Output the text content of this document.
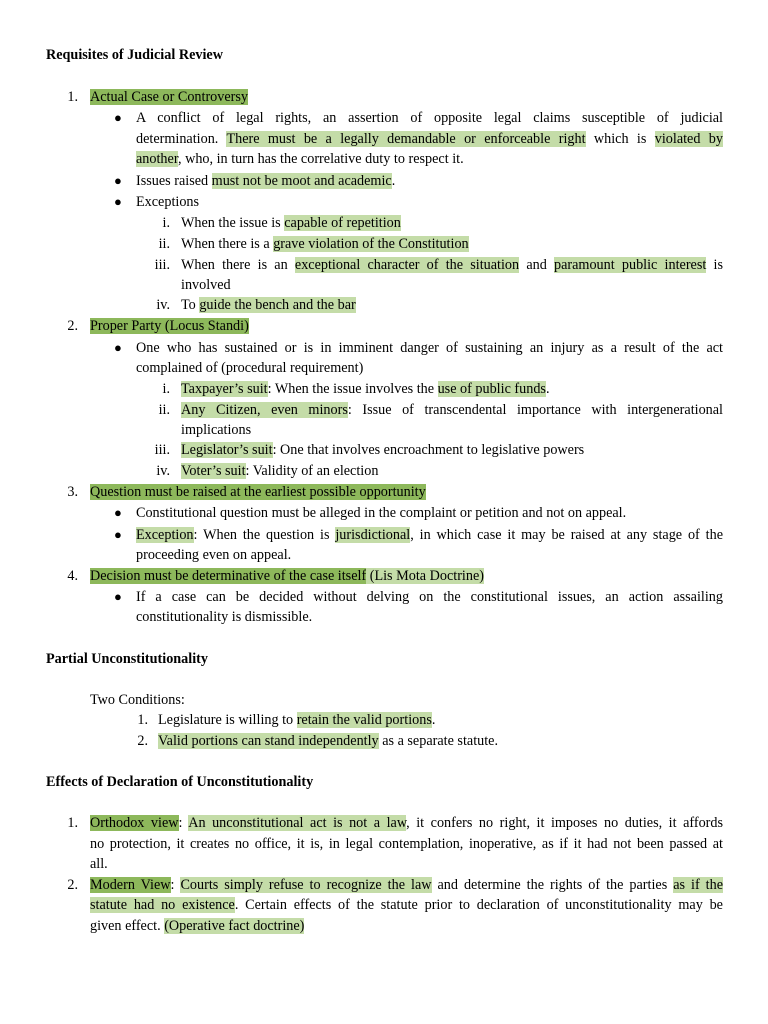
Requisites of Judicial Review
1. Actual Case or Controversy
● A conflict of legal rights, an assertion of opposite legal claims susceptible of judicial
determination. There must be a legally demandable or enforceable right which is violated by
another, who, in turn has the correlative duty to respect it.
● Issues raised must not be moot and academic.
● Exceptions
i. When the issue is capable of repetition
ii. When there is a grave violation of the Constitution
iii. When there is an exceptional character of the situation and paramount public interest is
involved
iv. To guide the bench and the bar
2. Proper Party (Locus Standi)
● One who has sustained or is in imminent danger of sustaining an injury as a result of the act
complained of (procedural requirement)
i. Taxpayer’s suit: When the issue involves the use of public funds.
ii. Any Citizen, even minors: Issue of transcendental importance with intergenerational
implications
iii. Legislator’s suit: One that involves encroachment to legislative powers
iv. Voter’s suit: Validity of an election
3. Question must be raised at the earliest possible opportunity
● Constitutional question must be alleged in the complaint or petition and not on appeal.
● Exception: When the question is jurisdictional, in which case it may be raised at any stage of the
proceeding even on appeal.
4. Decision must be determinative of the case itself (Lis Mota Doctrine)
● If a case can be decided without delving on the constitutional issues, an action assailing
constitutionality is dismissible.
Partial Unconstitutionality
Two Conditions:
1. Legislature is willing to retain the valid portions.
2. Valid portions can stand independently as a separate statute.
Effects of Declaration of Unconstitutionality
1. Orthodox view: An unconstitutional act is not a law, it confers no right, it imposes no duties, it affords
no protection, it creates no office, it is, in legal contemplation, inoperative, as if it had not been passed at
all.
2. Modern View: Courts simply refuse to recognize the law and determine the rights of the parties as if the
statute had no existence. Certain effects of the statute prior to declaration of unconstitutionality may be
given effect. (Operative fact doctrine)
